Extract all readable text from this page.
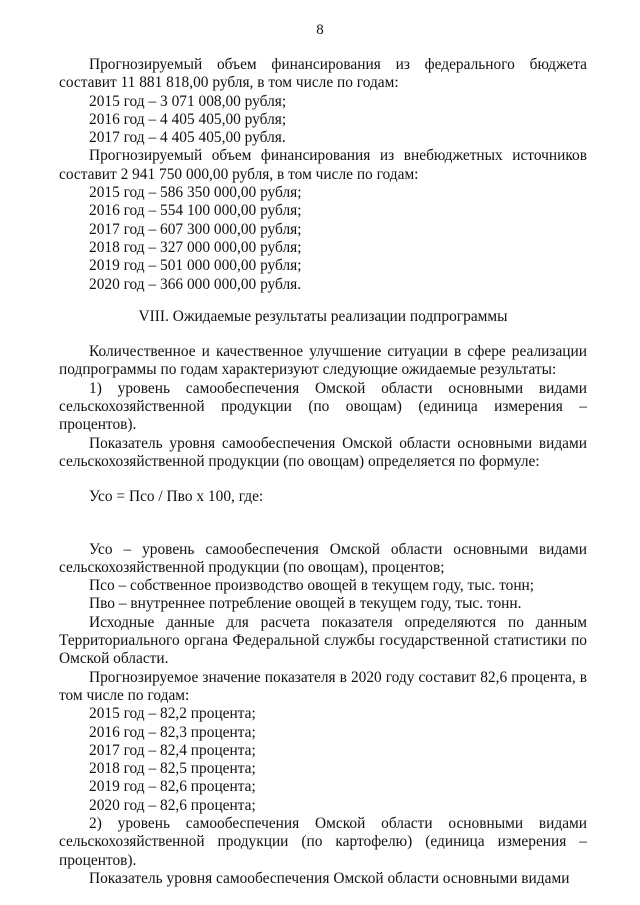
8

Прогнозируемый объем финансирования из федерального бюджета составит 11 881 818,00 рубля, в том числе по годам:

2015 год – 3 071 008,00 рубля;
2016 год – 4 405 405,00 рубля;
2017 год – 4 405 405,00 рубля.

Прогнозируемый объем финансирования из внебюджетных источников составит 2 941 750 000,00 рубля, в том числе по годам:

2015 год – 586 350 000,00 рубля;
2016 год – 554 100 000,00 рубля;
2017 год – 607 300 000,00 рубля;
2018 год – 327 000 000,00 рубля;
2019 год – 501 000 000,00 рубля;
2020 год – 366 000 000,00 рубля.
VIII. Ожидаемые результаты реализации подпрограммы

Количественное и качественное улучшение ситуации в сфере реализации подпрограммы по годам характеризуют следующие ожидаемые результаты:

1) уровень самообеспечения Омской области основными видами сельскохозяйственной продукции (по овощам) (единица измерения – процентов).

Показатель уровня самообеспечения Омской области основными видами сельскохозяйственной продукции (по овощам) определяется по формуле:

Усо = Пco / Пво х 100, где:

Усо – уровень самообеспечения Омской области основными видами сельскохозяйственной продукции (по овощам), процентов;

Псо – собственное производство овощей в текущем году, тыс. тонн;

Пво – внутреннее потребление овощей в текущем году, тыс. тонн.

Исходные данные для расчета показателя определяются по данным Территориального органа Федеральной службы государственной статистики по Омской области.

Прогнозируемое значение показателя в 2020 году составит 82,6 процента, в том числе по годам:

2015 год – 82,2 процента;
2016 год – 82,3 процента;
2017 год – 82,4 процента;
2018 год – 82,5 процента;
2019 год – 82,6 процента;
2020 год – 82,6 процента;

2) уровень самообеспечения Омской области основными видами сельскохозяйственной продукции (по картофелю) (единица измерения – процентов).

Показатель уровня самообеспечения Омской области основными видами
